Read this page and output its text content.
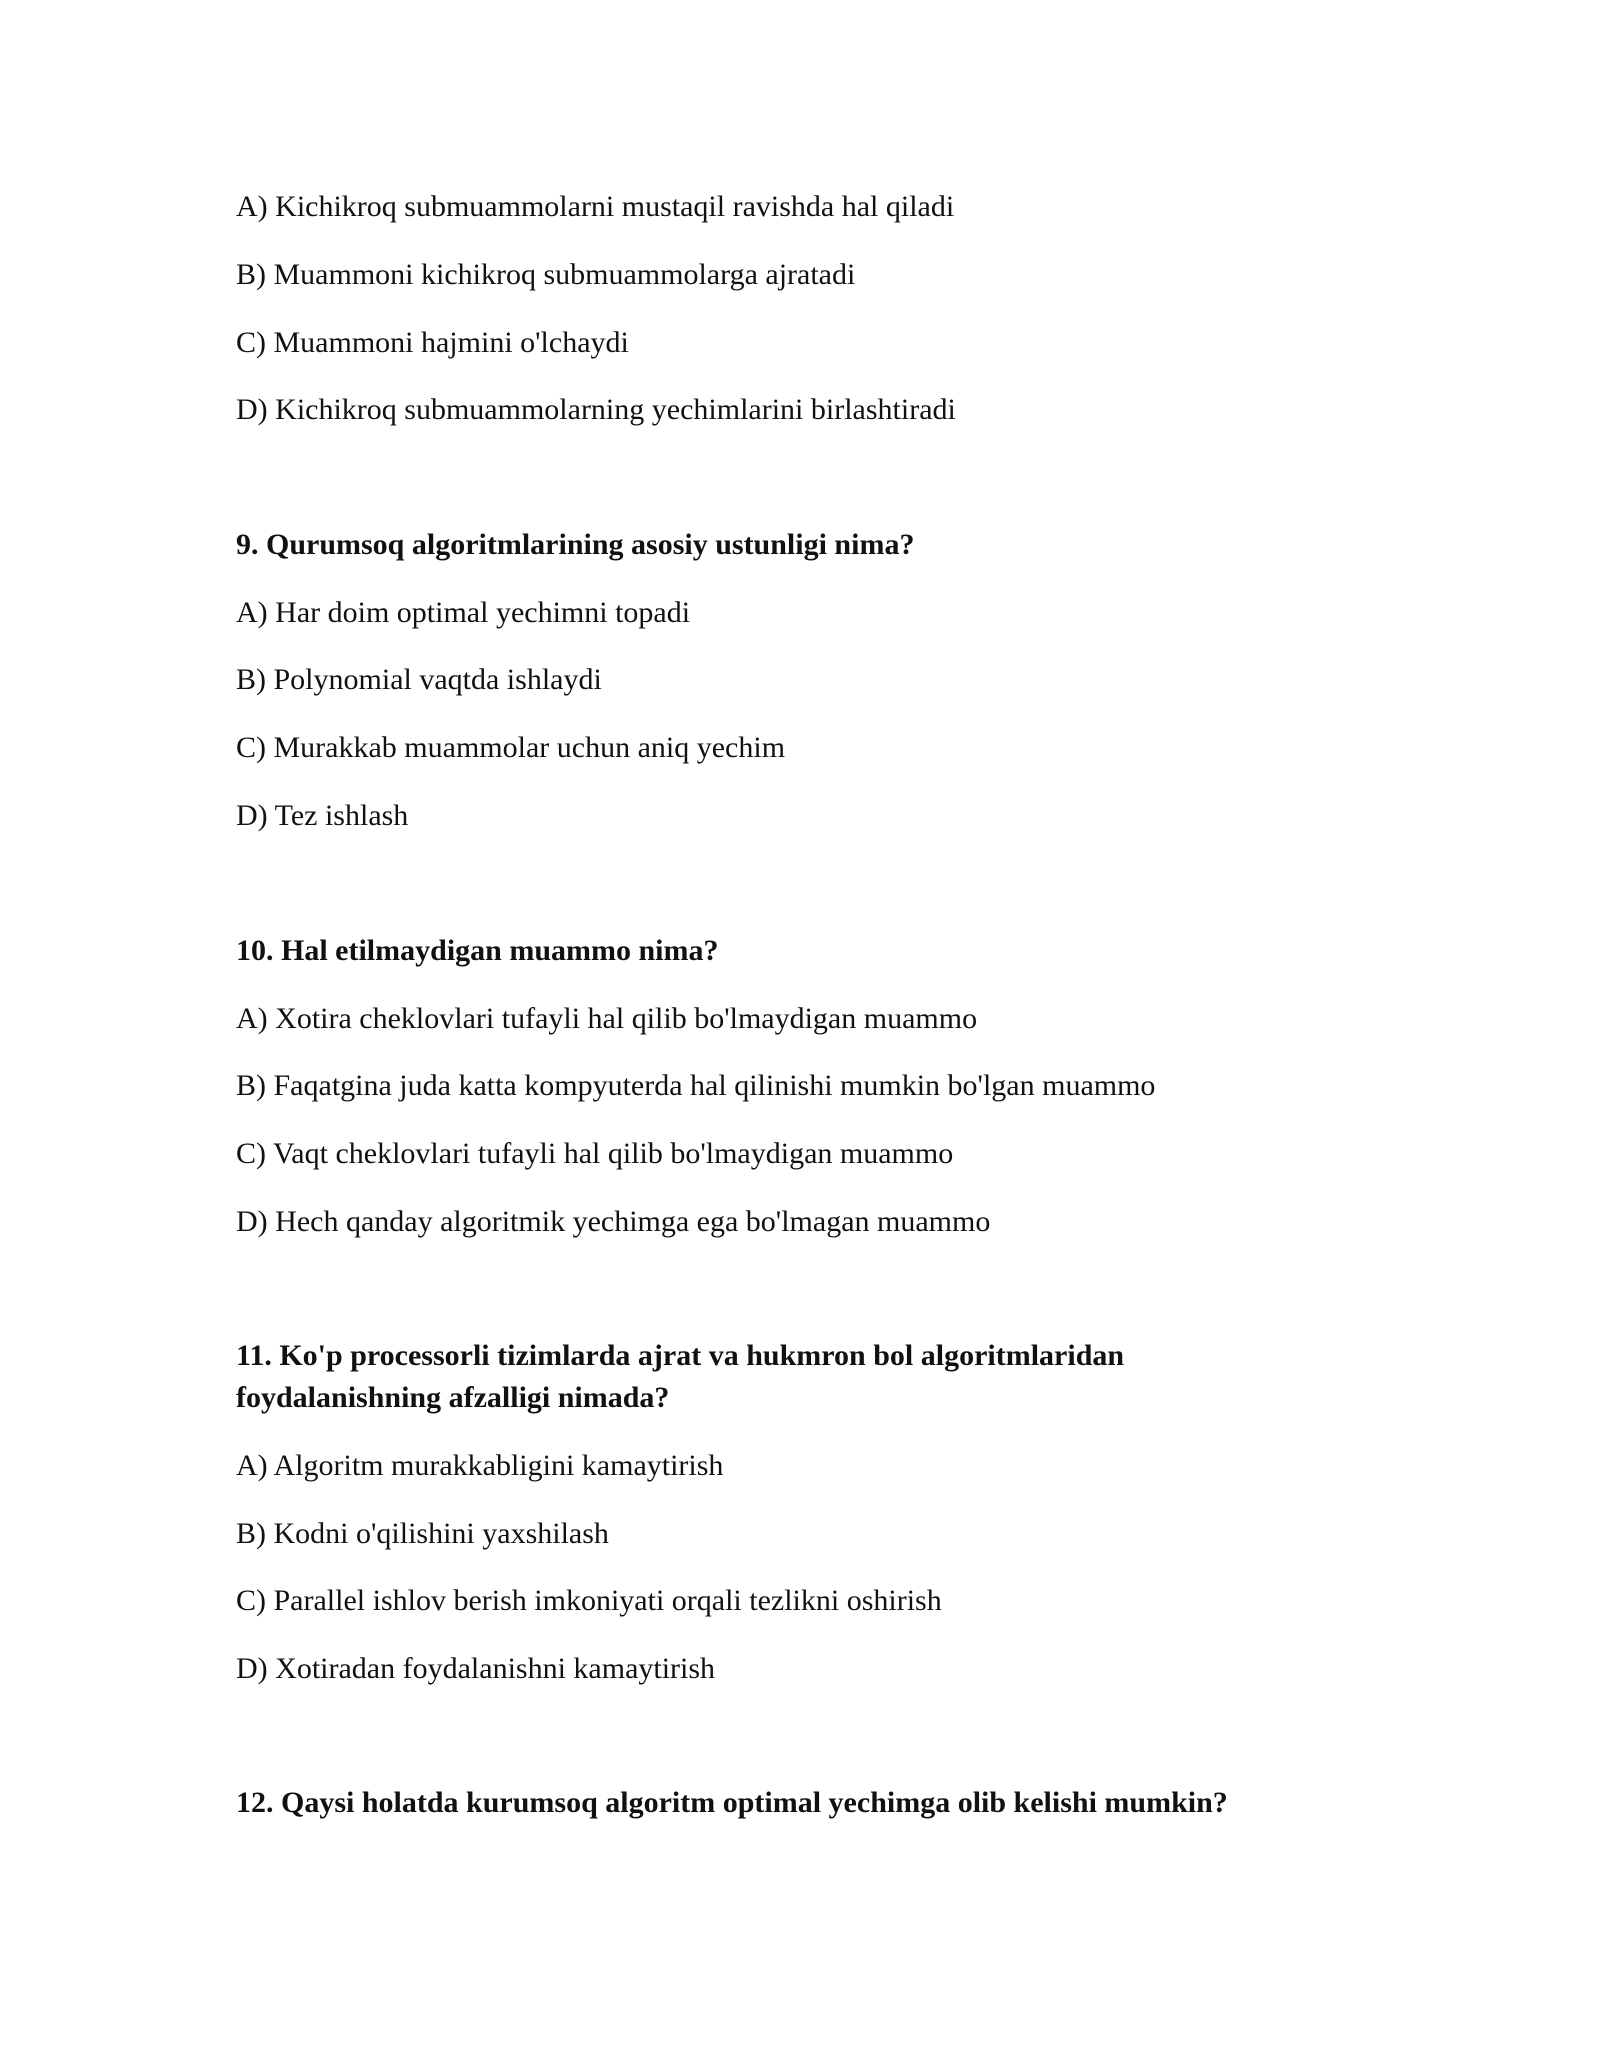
A) Kichikroq submuammolarni mustaqil ravishda hal qiladi
B) Muammoni kichikroq submuammolarga ajratadi
C) Muammoni hajmini o'lchaydi
D) Kichikroq submuammolarning yechimlarini birlashtiradi
9. Qurumsoq algoritmlarining asosiy ustunligi nima?
A) Har doim optimal yechimni topadi
B) Polynomial vaqtda ishlaydi
C) Murakkab muammolar uchun aniq yechim
D) Tez ishlash
10. Hal etilmaydigan muammo nima?
A) Xotira cheklovlari tufayli hal qilib bo'lmaydigan muammo
B) Faqatgina juda katta kompyuterda hal qilinishi mumkin bo'lgan muammo
C) Vaqt cheklovlari tufayli hal qilib bo'lmaydigan muammo
D) Hech qanday algoritmik yechimga ega bo'lmagan muammo
11. Ko'p processorli tizimlarda ajrat va hukmron bol algoritmlaridan
foydalanishning afzalligi nimada?
A) Algoritm murakkabligini kamaytirish
B) Kodni o'qilishini yaxshilash
C) Parallel ishlov berish imkoniyati orqali tezlikni oshirish
D) Xotiradan foydalanishni kamaytirish
12. Qaysi holatda kurumsoq algoritm optimal yechimga olib kelishi mumkin?
